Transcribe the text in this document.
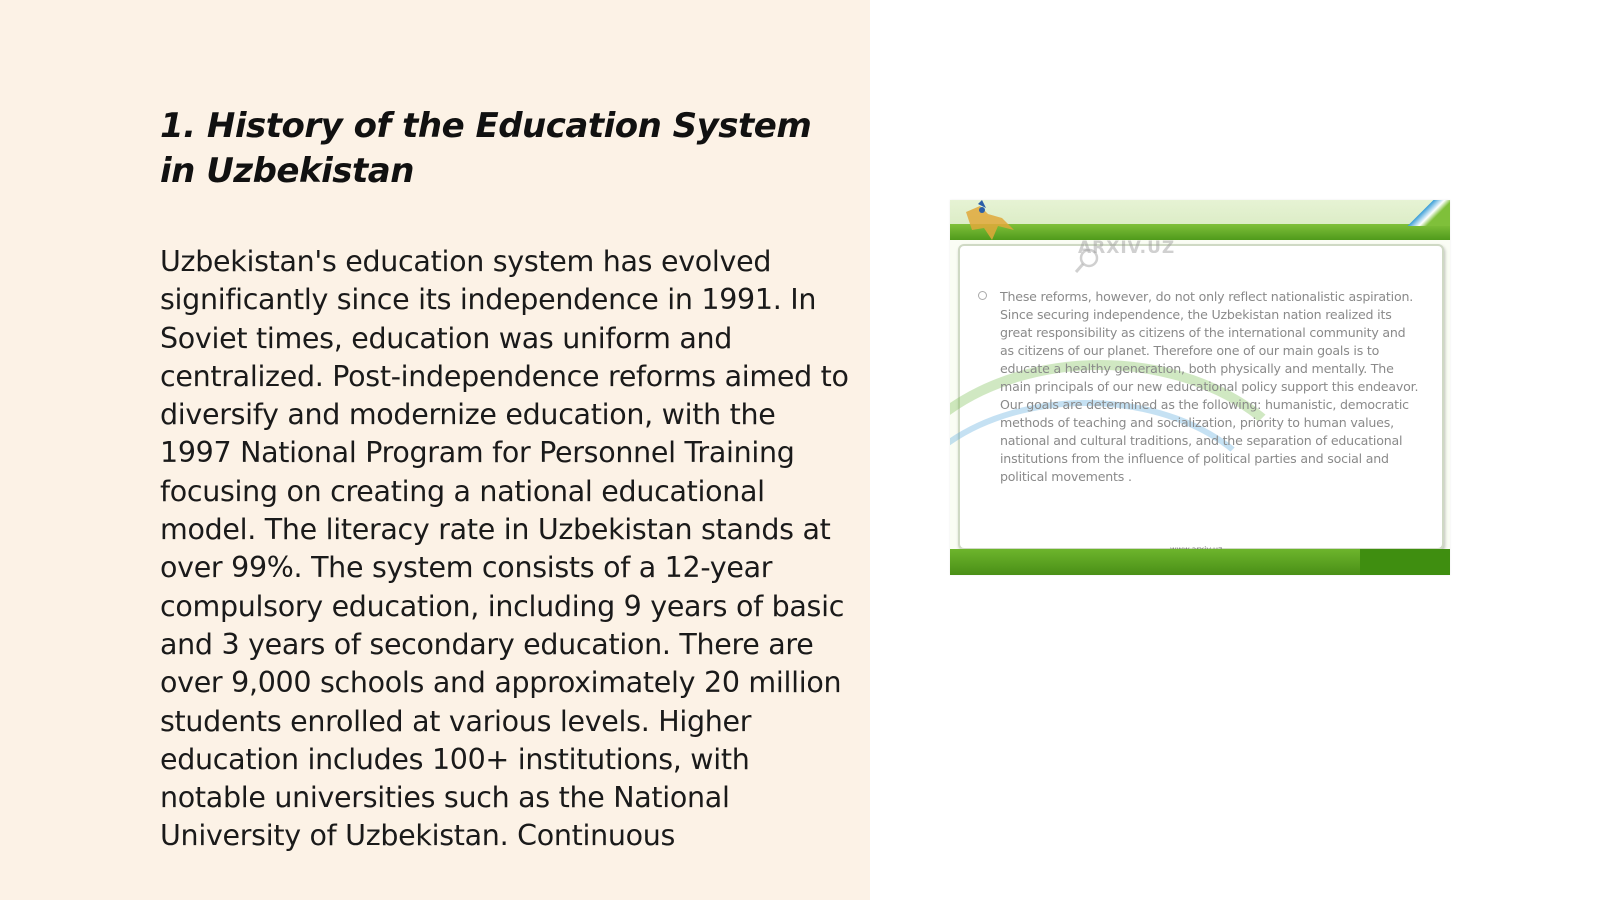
1. History of the Education System in Uzbekistan

Uzbekistan's education system has evolved significantly since its independence in 1991. In Soviet times, education was uniform and centralized. Post-independence reforms aimed to diversify and modernize education, with the 1997 National Program for Personnel Training focusing on creating a national educational model. The literacy rate in Uzbekistan stands at over 99%. The system consists of a 12-year compulsory education, including 9 years of basic and 3 years of secondary education. There are over 9,000 schools and approximately 20 million students enrolled at various levels. Higher education includes 100+ institutions, with notable universities such as the National University of Uzbekistan. Continuous

ARXIV.UZ

These reforms, however, do not only reflect nationalistic aspiration. Since securing independence, the Uzbekistan nation realized its great responsibility as citizens of the international community and as citizens of our planet. Therefore one of our main goals is to educate a healthy generation, both physically and mentally. The main principals of our new educational policy support this endeavor. Our goals are determined as the following: humanistic, democratic methods of teaching and socialization, priority to human values, national and cultural traditions, and the separation of educational institutions from the influence of political parties and social and political movements .
